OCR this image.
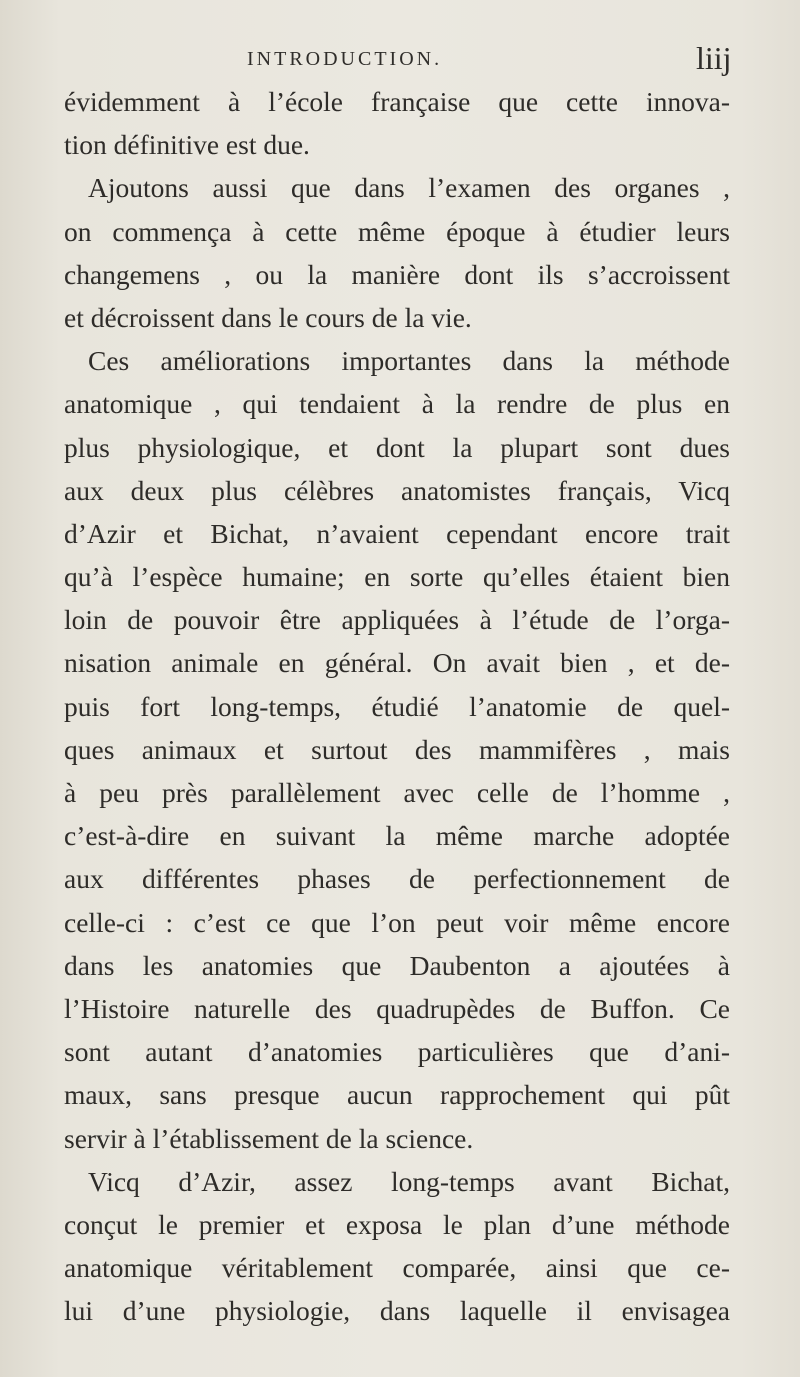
INTRODUCTION.	liij
évidemment à l’école française que cette innova-
tion définitive est due.
Ajoutons aussi que dans l’examen des organes ,
on commença à cette même époque à étudier leurs
changemens , ou la manière dont ils s’accroissent
et décroissent dans le cours de la vie.
Ces améliorations importantes dans la méthode
anatomique , qui tendaient à la rendre de plus en
plus physiologique, et dont la plupart sont dues
aux deux plus célèbres anatomistes français, Vicq
d’Azir et Bichat, n’avaient cependant encore trait
qu’à l’espèce humaine; en sorte qu’elles étaient bien
loin de pouvoir être appliquées à l’étude de l’orga-
nisation animale en général. On avait bien , et de-
puis fort long-temps, étudié l’anatomie de quel-
ques animaux et surtout des mammifères , mais
à peu près parallèlement avec celle de l’homme ,
c’est-à-dire en suivant la même marche adoptée
aux différentes phases de perfectionnement de
celle-ci : c’est ce que l’on peut voir même encore
dans les anatomies que Daubenton a ajoutées à
l’Histoire naturelle des quadrupèdes de Buffon. Ce
sont autant d’anatomies particulières que d’ani-
maux, sans presque aucun rapprochement qui pût
servir à l’établissement de la science.
Vicq d’Azir, assez long-temps avant Bichat,
conçut le premier et exposa le plan d’une méthode
anatomique véritablement comparée, ainsi que ce-
lui d’une physiologie, dans laquelle il envisagea
